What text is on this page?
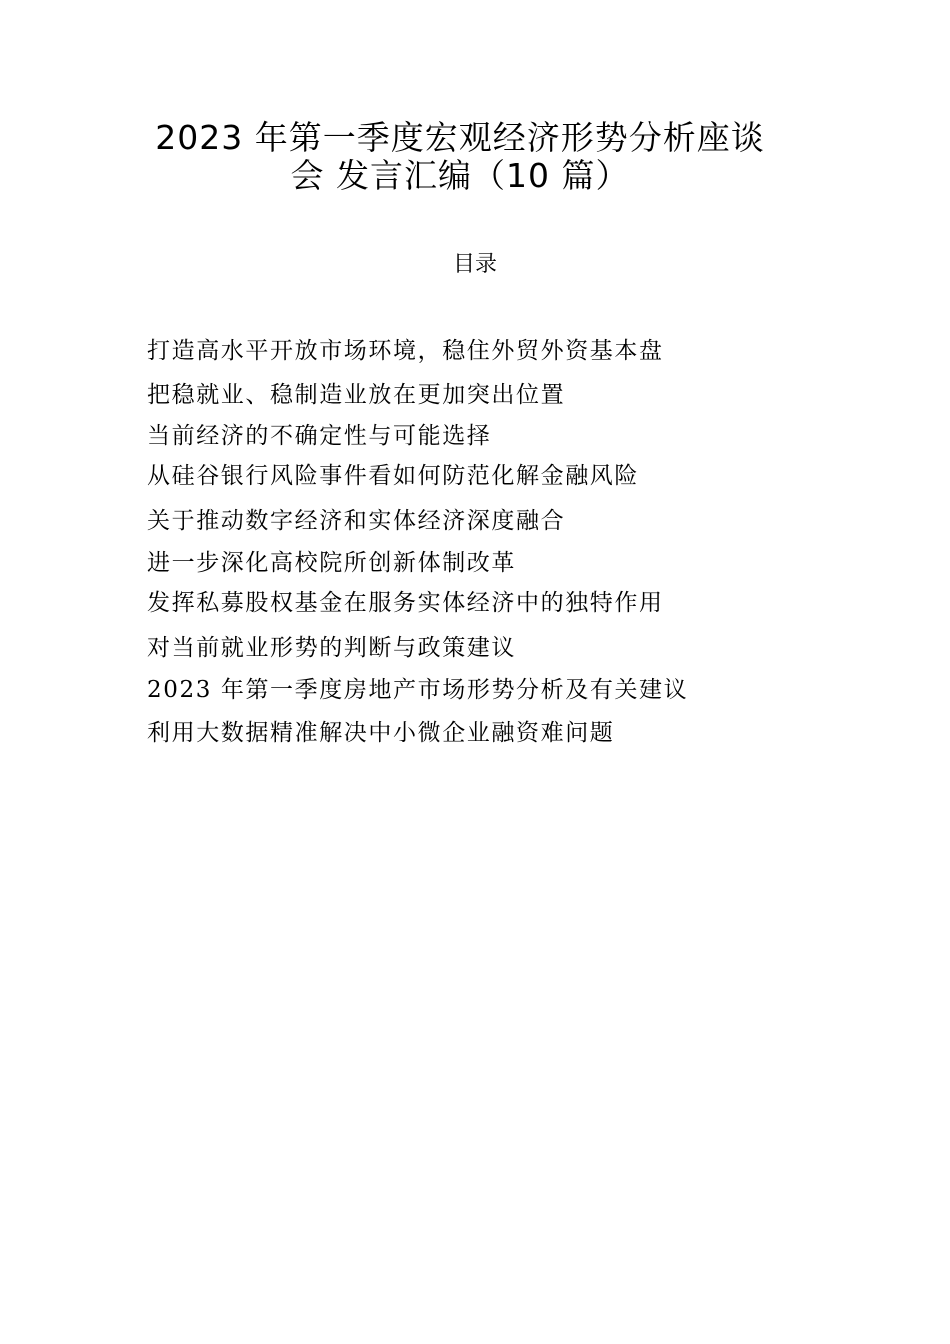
2023 年第一季度宏观经济形势分析座谈
会 发言汇编（10 篇）
目录
打造高水平开放市场环境，稳住外贸外资基本盘
把稳就业、稳制造业放在更加突出位置
当前经济的不确定性与可能选择
从硅谷银行风险事件看如何防范化解金融风险
关于推动数字经济和实体经济深度融合
进一步深化高校院所创新体制改革
发挥私募股权基金在服务实体经济中的独特作用
对当前就业形势的判断与政策建议
2023 年第一季度房地产市场形势分析及有关建议
利用大数据精准解决中小微企业融资难问题
